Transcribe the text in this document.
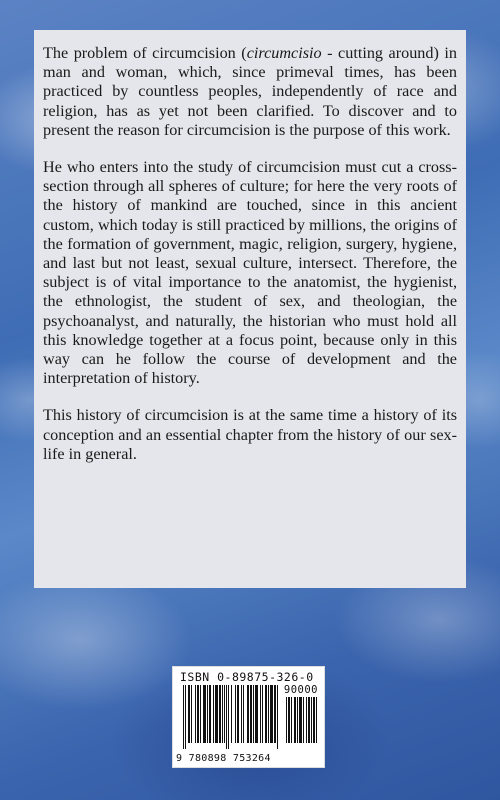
The problem of circumcision (circumcisio - cutting around) in man and woman, which, since primeval times, has been practiced by countless peoples, independently of race and religion, has as yet not been clarified. To discover and to present the reason for circumcision is the purpose of this work.

He who enters into the study of circumcision must cut a cross-section through all spheres of culture; for here the very roots of the history of mankind are touched, since in this ancient custom, which today is still practiced by millions, the origins of the formation of government, magic, religion, surgery, hygiene, and last but not least, sexual culture, intersect. Therefore, the subject is of vital importance to the anatomist, the hygienist, the ethnologist, the student of sex, and theologian, the psychoanalyst, and naturally, the historian who must hold all this knowledge together at a focus point, because only in this way can he follow the course of development and the interpretation of history.

This history of circumcision is at the same time a history of its conception and an essential chapter from the history of our sex-life in general.

ISBN 0-89875-326-0
90000
9 780898 753264
